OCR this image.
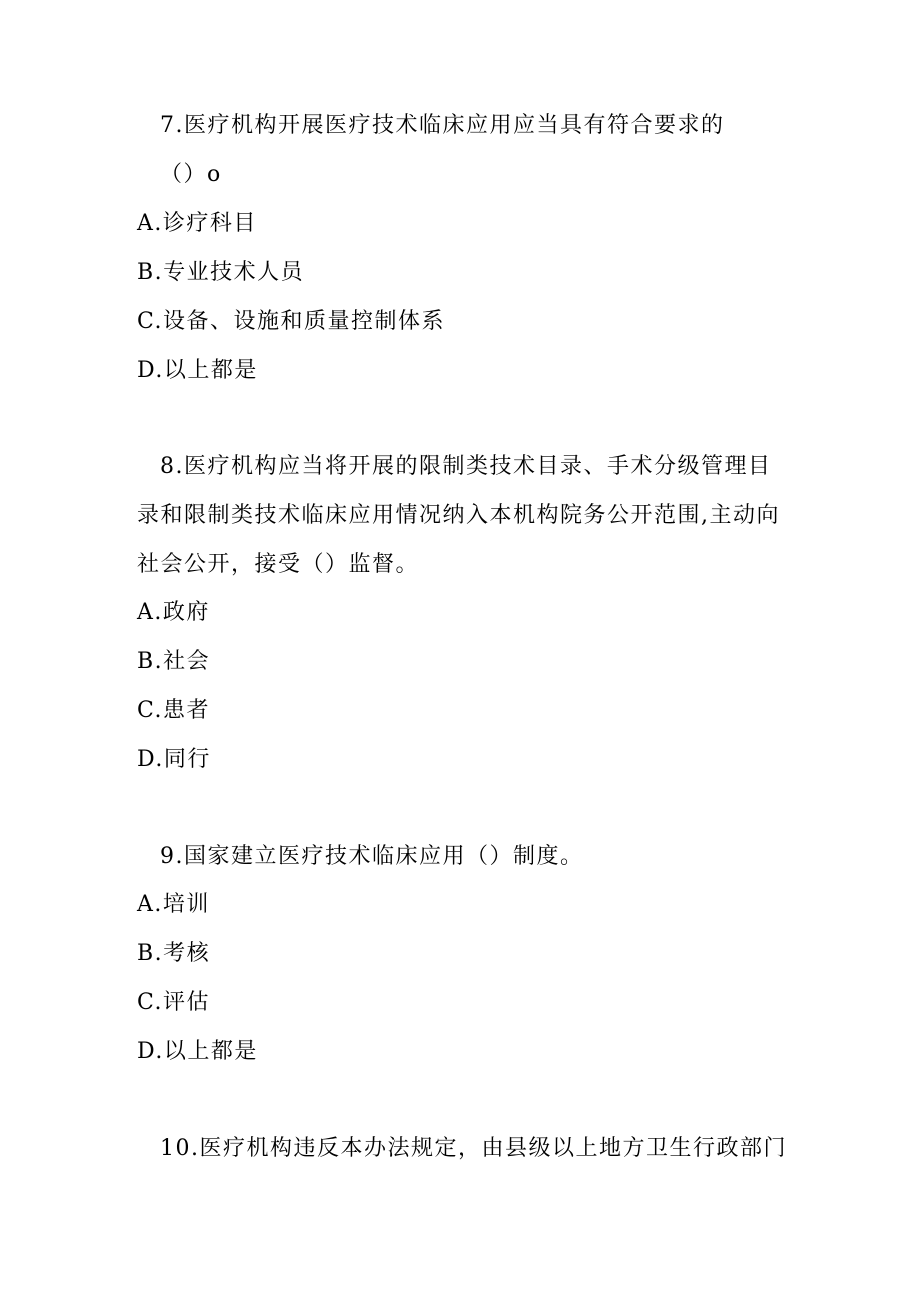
7.医疗机构开展医疗技术临床应用应当具有符合要求的
（）o
A.诊疗科目
B.专业技术人员
C.设备、设施和质量控制体系
D.以上都是
8.医疗机构应当将开展的限制类技术目录、手术分级管理目
录和限制类技术临床应用情况纳入本机构院务公开范围,主动向
社会公开，接受（）监督。
A.政府
B.社会
C.患者
D.同行
9.国家建立医疗技术临床应用（）制度。
A.培训
B.考核
C.评估
D.以上都是
10.医疗机构违反本办法规定，由县级以上地方卫生行政部门
